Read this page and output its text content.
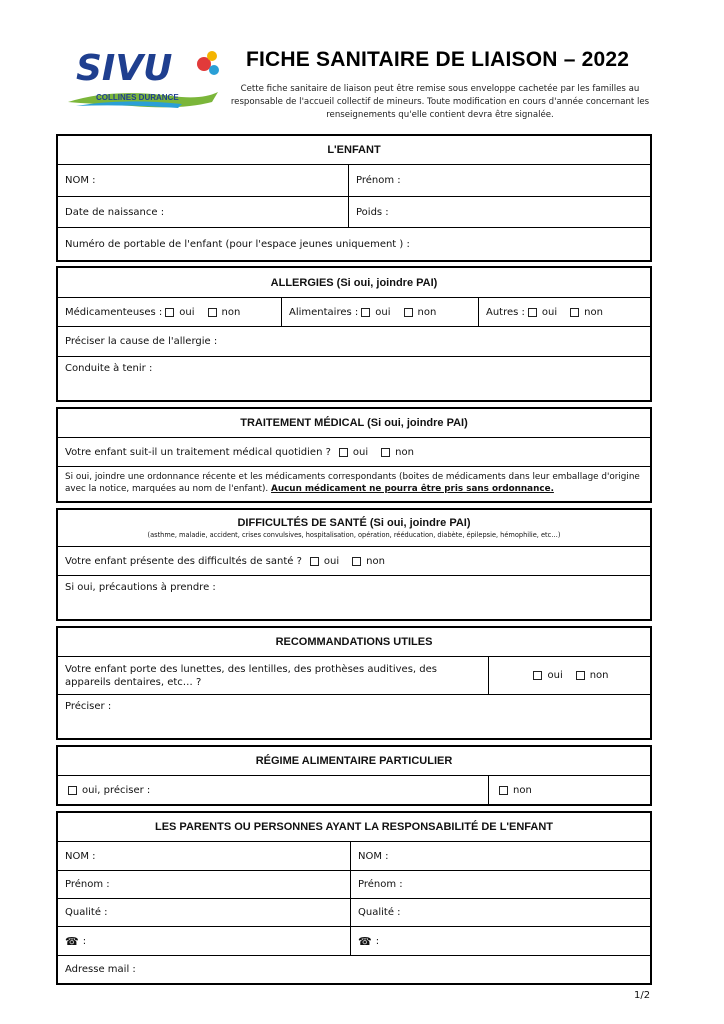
SIVU
COLLINES DURANCE
FICHE SANITAIRE DE LIAISON – 2022
Cette fiche sanitaire de liaison peut être remise sous enveloppe cachetée par les familles au responsable de l'accueil collectif de mineurs. Toute modification en cours d'année concernant les renseignements qu'elle contient devra être signalée.
L'ENFANT
NOM :	Prénom :
Date de naissance :	Poids :
Numéro de portable de l'enfant (pour l'espace jeunes uniquement ) :
ALLERGIES (Si oui, joindre PAI)
Médicamenteuses : oui	non	Alimentaires : oui	non	Autres : oui	non
Préciser la cause de l'allergie :
Conduite à tenir :
TRAITEMENT MÉDICAL (Si oui, joindre PAI)
Votre enfant suit-il un traitement médical quotidien ? oui	non
Si oui, joindre une ordonnance récente et les médicaments correspondants (boites de médicaments dans leur emballage d'origine avec la notice, marquées au nom de l'enfant). Aucun médicament ne pourra être pris sans ordonnance.
DIFFICULTÉS DE SANTÉ (Si oui, joindre PAI)
(asthme, maladie, accident, crises convulsives, hospitalisation, opération, rééducation, diabète, épilepsie, hémophilie, etc…)
Votre enfant présente des difficultés de santé ? oui	non
Si oui, précautions à prendre :
RECOMMANDATIONS UTILES
Votre enfant porte des lunettes, des lentilles, des prothèses auditives, des appareils dentaires, etc… ?
oui	non
Préciser :
RÉGIME ALIMENTAIRE PARTICULIER
oui, préciser :	non
LES PARENTS OU PERSONNES AYANT LA RESPONSABILITÉ DE L'ENFANT
NOM :	NOM :
Prénom :	Prénom :
Qualité :	Qualité :
☎ :	☎ :
Adresse mail :
1/2
